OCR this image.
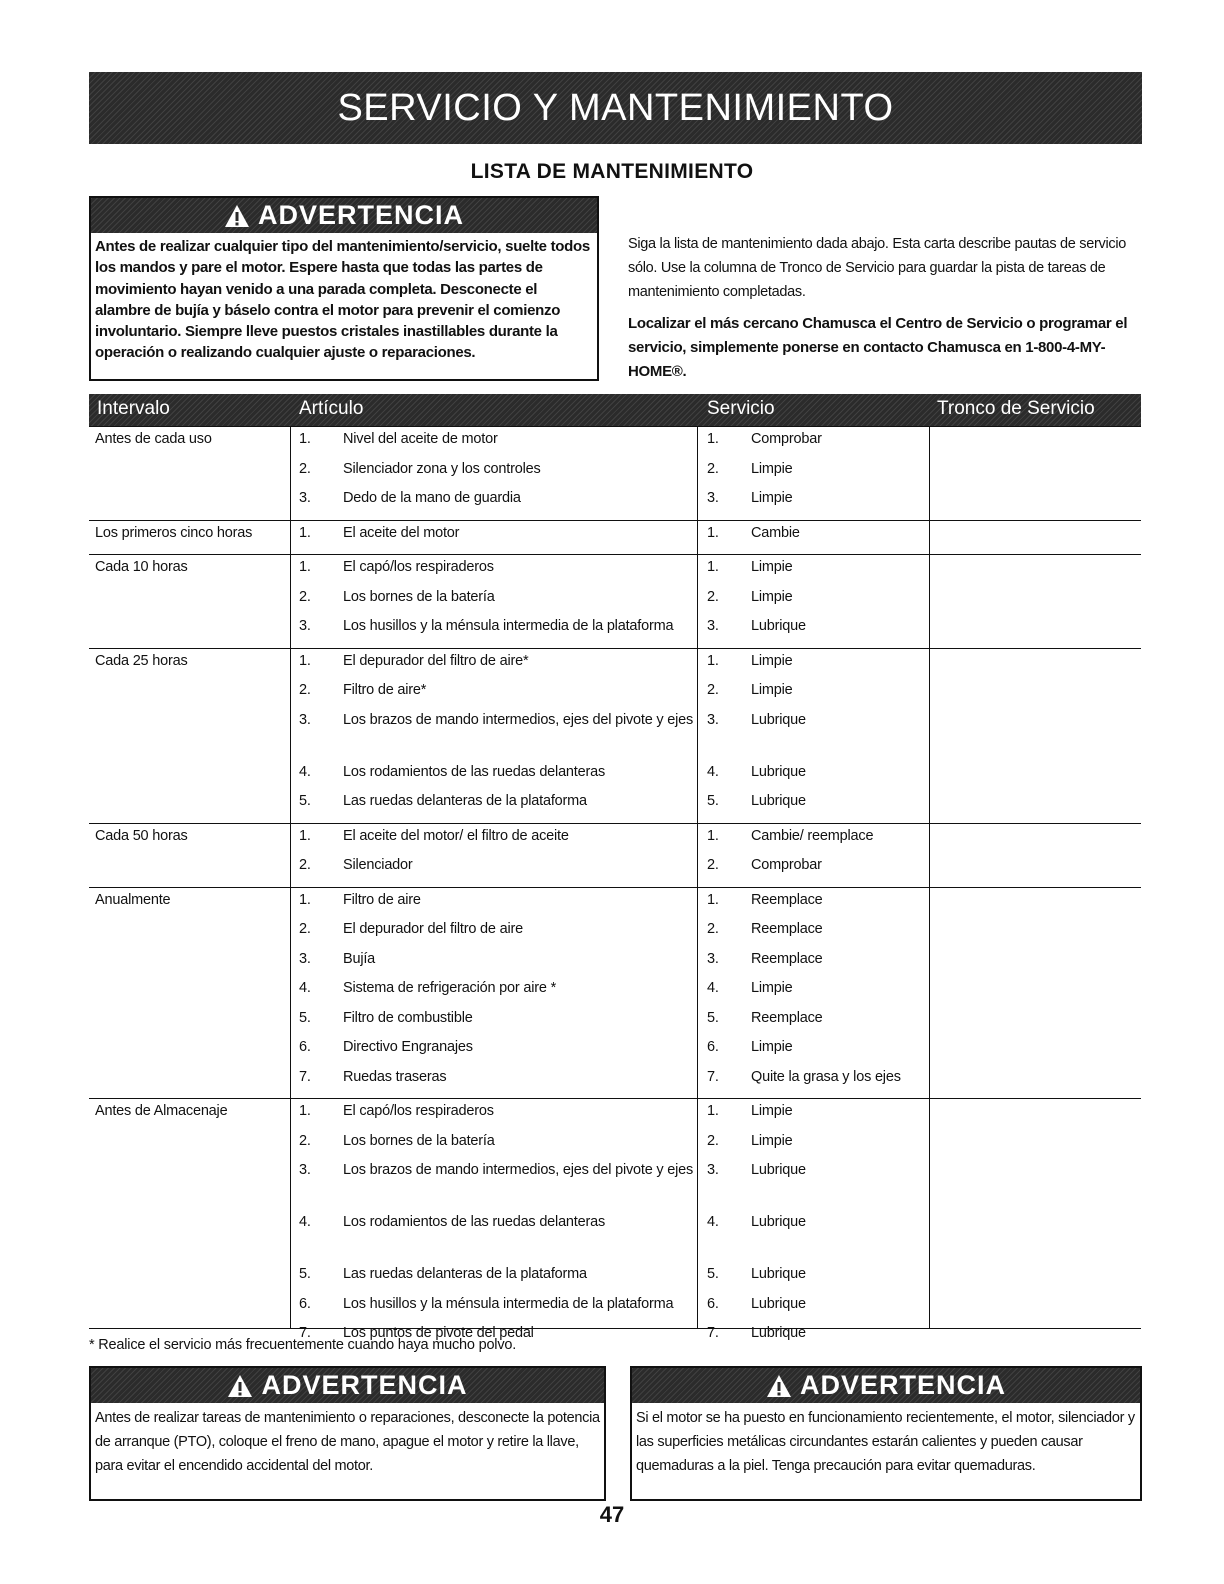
SERVICIO Y MANTENIMIENTO
LISTA DE MANTENIMIENTO
ADVERTENCIA
Antes de realizar cualquier tipo del mantenimiento/servicio, suelte todos los mandos y pare el motor. Espere hasta que todas las partes de movimiento hayan venido a una parada completa. Desconecte el alambre de bujía y báselo contra el motor para prevenir el comienzo involuntario. Siempre lleve puestos cristales inastillables durante la operación o realizando cualquier ajuste o reparaciones.

Siga la lista de mantenimiento dada abajo. Esta carta describe pautas de servicio sólo. Use la columna de Tronco de Servicio para guardar la pista de tareas de mantenimiento completadas.

Localizar el más cercano Chamusca el Centro de Servicio o programar el servicio, simplemente ponerse en contacto Chamusca en 1-800-4-MY-HOME®.

Intervalo	Artículo	Servicio	Tronco de Servicio
Antes de cada uso	1. Nivel del aceite de motor	1. Comprobar
2. Silenciador zona y los controles	2. Limpie
3. Dedo de la mano de guardia	3. Limpie
Los primeros cinco horas	1. El aceite del motor	1. Cambie
Cada 10 horas	1. El capó/los respiraderos	1. Limpie
2. Los bornes de la batería	2. Limpie
3. Los husillos y la ménsula intermedia de la plataforma 3. Lubrique
Cada 25 horas	1. El depurador del filtro de aire*	1. Limpie
2. Filtro de aire*	2. Limpie
3. Los brazos de mando intermedios, ejes del pivote y ejes 3. Lubrique
4. Los rodamientos de las ruedas delanteras	4. Lubrique
5. Las ruedas delanteras de la plataforma	5. Lubrique
Cada 50 horas	1. El aceite del motor/ el filtro de aceite	1. Cambie/ reemplace
2. Silenciador	2. Comprobar
Anualmente	1. Filtro de aire	1. Reemplace
2. El depurador del filtro de aire	2. Reemplace
3. Bujía	3. Reemplace
4. Sistema de refrigeración por aire *	4. Limpie
5. Filtro de combustible	5. Reemplace
6. Directivo Engranajes	6. Limpie
7. Ruedas traseras	7. Quite la grasa y los ejes
Antes de Almacenaje	1. El capó/los respiraderos	1. Limpie
2. Los bornes de la batería	2. Limpie
3. Los brazos de mando intermedios, ejes del pivote y ejes 3. Lubrique
4. Los rodamientos de las ruedas delanteras	4. Lubrique
5. Las ruedas delanteras de la plataforma	5. Lubrique
6. Los husillos y la ménsula intermedia de la plataforma 6. Lubrique
7. Los puntos de pivote del pedal	7. Lubrique
* Realice el servicio más frecuentemente cuando haya mucho polvo.
ADVERTENCIA
Antes de realizar tareas de mantenimiento o reparaciones, desconecte la potencia de arranque (PTO), coloque el freno de mano, apague el motor y retire la llave, para evitar el encendido accidental del motor.
ADVERTENCIA
Si el motor se ha puesto en funcionamiento recientemente, el motor, silenciador y las superficies metálicas circundantes estarán calientes y pueden causar quemaduras a la piel. Tenga precaución para evitar quemaduras.
47
